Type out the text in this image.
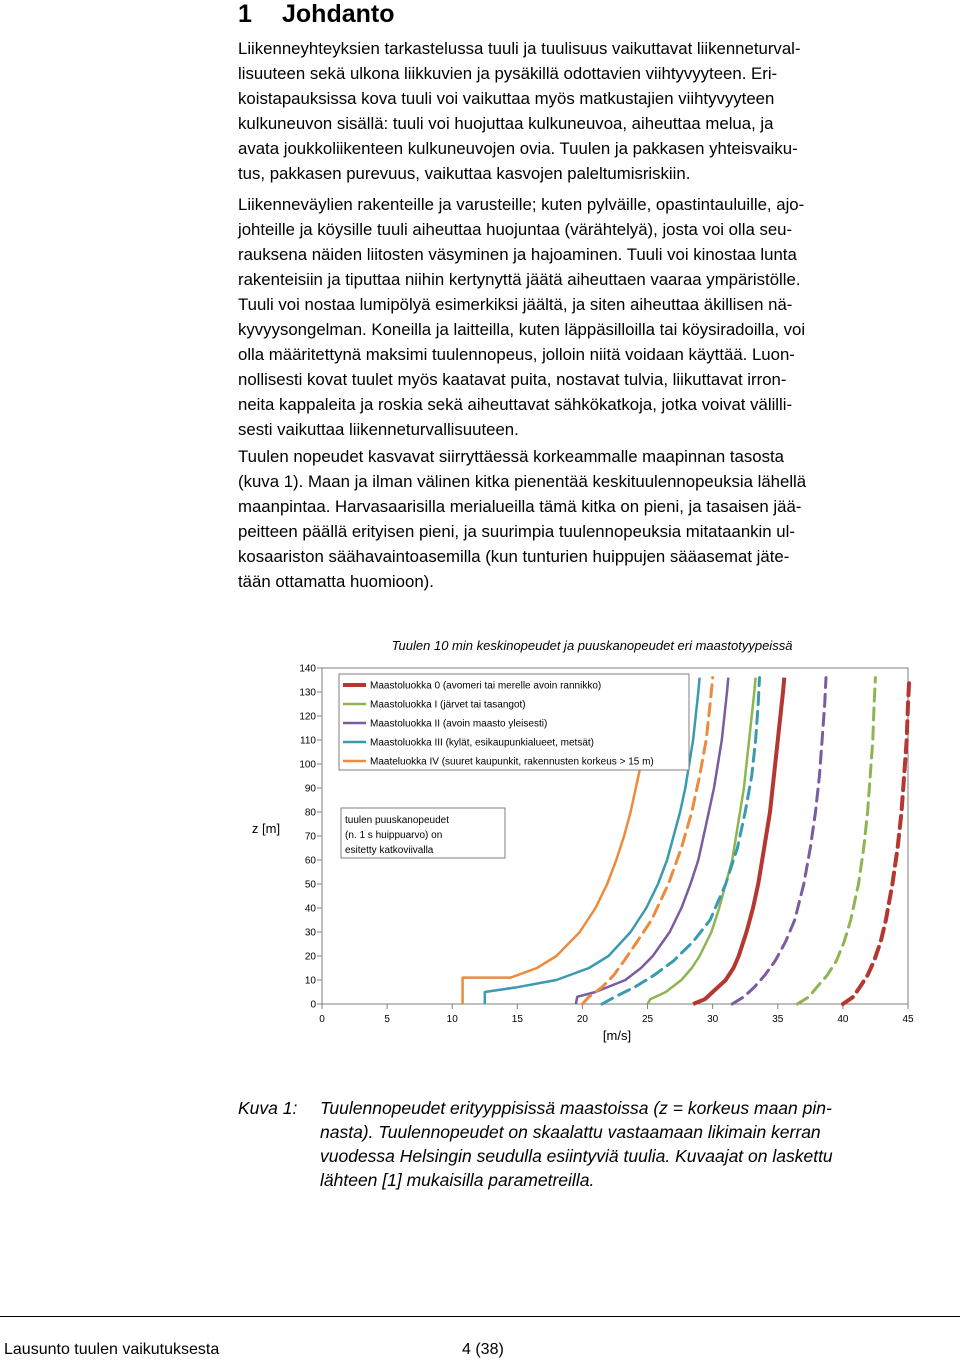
1 Johdanto

Liikenneyhteyksien tarkastelussa tuuli ja tuulisuus vaikuttavat liikenneturval-
lisuuteen sekä ulkona liikkuvien ja pysäkillä odottavien viihtyvyyteen. Eri-
koistapauksissa kova tuuli voi vaikuttaa myös matkustajien viihtyvyyteen
kulkuneuvon sisällä: tuuli voi huojuttaa kulkuneuvoa, aiheuttaa melua, ja
avata joukkoliikenteen kulkuneuvojen ovia. Tuulen ja pakkasen yhteisvaiku-
tus, pakkasen purevuus, vaikuttaa kasvojen paleltumisriskiin.

Liikenneväylien rakenteille ja varusteille; kuten pylväille, opastintauluille, ajo-
johteille ja köysille tuuli aiheuttaa huojuntaa (värähtelyä), josta voi olla seu-
rauksena näiden liitosten väsyminen ja hajoaminen. Tuuli voi kinostaa lunta
rakenteisiin ja tiputtaa niihin kertynyttä jäätä aiheuttaen vaaraa ympäristölle.
Tuuli voi nostaa lumipölyä esimerkiksi jäältä, ja siten aiheuttaa äkillisen nä-
kyvyysongelman. Koneilla ja laitteilla, kuten läppäsilloilla tai köysiradoilla, voi
olla määritettynä maksimi tuulennopeus, jolloin niitä voidaan käyttää. Luon-
nollisesti kovat tuulet myös kaatavat puita, nostavat tulvia, liikuttavat irron-
neita kappaleita ja roskia sekä aiheuttavat sähkökatkoja, jotka voivat välilli-
sesti vaikuttaa liikenneturvallisuuteen.

Tuulen nopeudet kasvavat siirryttäessä korkeammalle maapinnan tasosta
(kuva 1). Maan ja ilman välinen kitka pienentää keskituulennopeuksia lähellä
maanpintaa. Harvasaarisilla merialueilla tämä kitka on pieni, ja tasaisen jää-
peitteen päällä erityisen pieni, ja suurimpia tuulennopeuksia mitataankin ul-
kosaariston säähavaintoasemilla (kun tunturien huippujen sääasemat jäte-
tään ottamatta huomioon).

Tuulen 10 min keskinopeudet ja puuskanopeudet eri maastotyypeissä
0
10
20
30
40
50
60
70
80
90
100
110
120
130
140
0	5	10	15	20	25	30	35	40	45
Maastoluokka 0 (avomeri tai merelle avoin rannikko)
Maastoluokka I (järvet tai tasangot)
Maastoluokka II (avoin maasto yleisesti)
Maastoluokka III (kylät, esikaupunkialueet, metsät)
Maateluokka IV (suuret kaupunkit, rakennusten korkeus > 15 m)
tuulen puuskanopeudet
(n. 1 s huippuarvo) on
esitetty katkoviivalla
z [m]
[m/s]
Kuva 1: Tuulennopeudet erityyppisissä maastoissa (z = korkeus maan pin-
nasta). Tuulennopeudet on skaalattu vastaamaan likimain kerran
vuodessa Helsingin seudulla esiintyviä tuulia. Kuvaajat on laskettu
lähteen [1] mukaisilla parametreilla.
Lausunto tuulen vaikutuksesta	4 (38)
